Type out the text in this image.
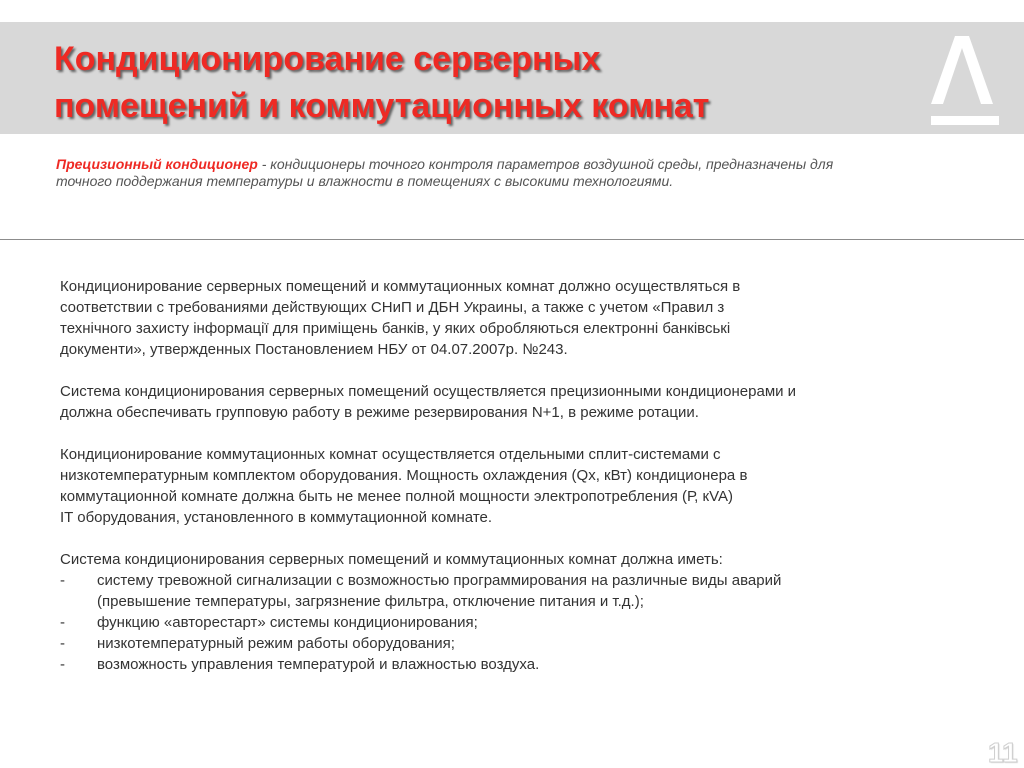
Кондиционирование серверных
помещений и коммутационных комнат

Прецизионный кондиционер - кондиционеры точного контроля параметров воздушной среды, предназначены для точного поддержания температуры и влажности в помещениях с высокими технологиями.

Кондиционирование серверных помещений и коммутационных комнат должно осуществляться в
соответствии с требованиями действующих СНиП и ДБН Украины, а также с учетом «Правил з
технічного захисту інформації для приміщень банків, у яких обробляються електронні банківські
документи», утвержденных Постановлением НБУ от 04.07.2007р. №243.

Система кондиционирования серверных помещений осуществляется прецизионными кондиционерами и
должна обеспечивать групповую работу в режиме резервирования N+1, в режиме ротации.

Кондиционирование коммутационных комнат осуществляется отдельными сплит-системами с
низкотемпературным комплектом оборудования. Мощность охлаждения (Qх, кВт) кондиционера в
коммутационной комнате должна быть не менее полной мощности электропотребления (Р, кVA)
IT оборудования, установленного в коммутационной комнате.

Система кондиционирования серверных помещений и коммутационных комнат должна иметь:

- систему тревожной сигнализации с возможностью программирования на различные виды аварий
(превышение температуры, загрязнение фильтра, отключение питания и т.д.);
- функцию «авторестарт» системы кондиционирования;
- низкотемпературный режим работы оборудования;
- возможность управления температурой и влажностью воздуха.
11
